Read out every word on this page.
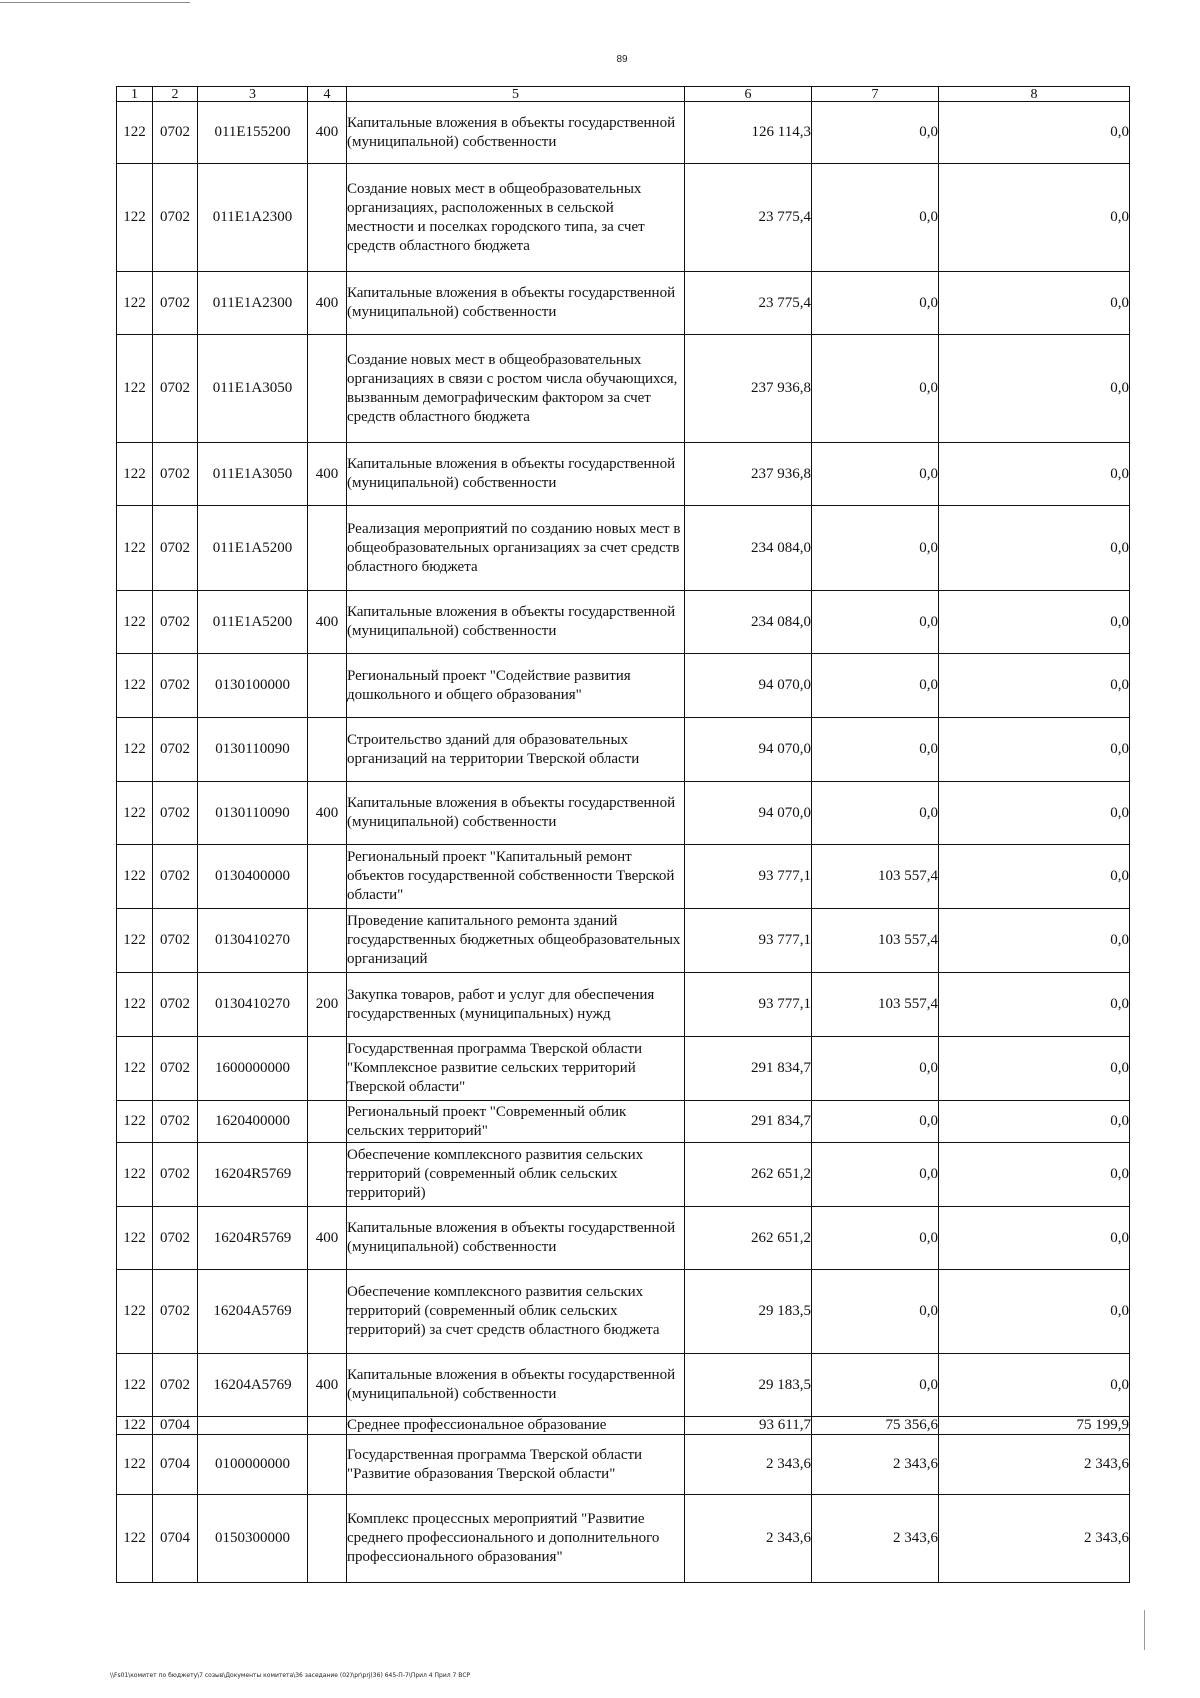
89
1	2	3	4	5	6	7	8
122	0702	011E155200	400	Капитальные вложения в объекты государственной (муниципальной) собственности	126 114,3	0,0	0,0
122	0702	011E1A2300		Создание новых мест в общеобразовательных организациях, расположенных в сельской местности и поселках городского типа, за счет средств областного бюджета	23 775,4	0,0	0,0
122	0702	011E1A2300	400	Капитальные вложения в объекты государственной (муниципальной) собственности	23 775,4	0,0	0,0
122	0702	011E1A3050		Создание новых мест в общеобразовательных организациях в связи с ростом числа обучающихся, вызванным демографическим фактором за счет средств областного бюджета	237 936,8	0,0	0,0
122	0702	011E1A3050	400	Капитальные вложения в объекты государственной (муниципальной) собственности	237 936,8	0,0	0,0
122	0702	011E1A5200		Реализация мероприятий по созданию новых мест в общеобразовательных организациях за счет средств областного бюджета	234 084,0	0,0	0,0
122	0702	011E1A5200	400	Капитальные вложения в объекты государственной (муниципальной) собственности	234 084,0	0,0	0,0
122	0702	0130100000		Региональный проект "Содействие развития дошкольного и общего образования"	94 070,0	0,0	0,0
122	0702	0130110090		Строительство зданий для образовательных организаций на территории Тверской области	94 070,0	0,0	0,0
122	0702	0130110090	400	Капитальные вложения в объекты государственной (муниципальной) собственности	94 070,0	0,0	0,0
122	0702	0130400000		Региональный проект "Капитальный ремонт объектов государственной собственности Тверской области"	93 777,1	103 557,4	0,0
122	0702	0130410270		Проведение капитального ремонта зданий государственных бюджетных общеобразовательных организаций	93 777,1	103 557,4	0,0
122	0702	0130410270	200	Закупка товаров, работ и услуг для обеспечения государственных (муниципальных) нужд	93 777,1	103 557,4	0,0
122	0702	1600000000		Государственная программа Тверской области "Комплексное развитие сельских территорий Тверской области"	291 834,7	0,0	0,0
122	0702	1620400000		Региональный проект "Современный облик сельских территорий"	291 834,7	0,0	0,0
122	0702	16204R5769		Обеспечение комплексного развития сельских территорий (современный облик сельских территорий)	262 651,2	0,0	0,0
122	0702	16204R5769	400	Капитальные вложения в объекты государственной (муниципальной) собственности	262 651,2	0,0	0,0
122	0702	16204A5769		Обеспечение комплексного развития сельских территорий (современный облик сельских территорий) за счет средств областного бюджета	29 183,5	0,0	0,0
122	0702	16204A5769	400	Капитальные вложения в объекты государственной (муниципальной) собственности	29 183,5	0,0	0,0
122	0704			Среднее профессиональное образование	93 611,7	75 356,6	75 199,9
122	0704	0100000000		Государственная программа Тверской области "Развитие образования Тверской области"	2 343,6	2 343,6	2 343,6
122	0704	0150300000		Комплекс процессных мероприятий "Развитие среднего профессионального и дополнительного профессионального образования"	2 343,6	2 343,6	2 343,6
\\Fs01\комитет по бюджету\7 созыв\Документы комитета\36 заседание (02)\pr\prj(36) 645-П-7\Прил 4 Прил 7 ВСР
